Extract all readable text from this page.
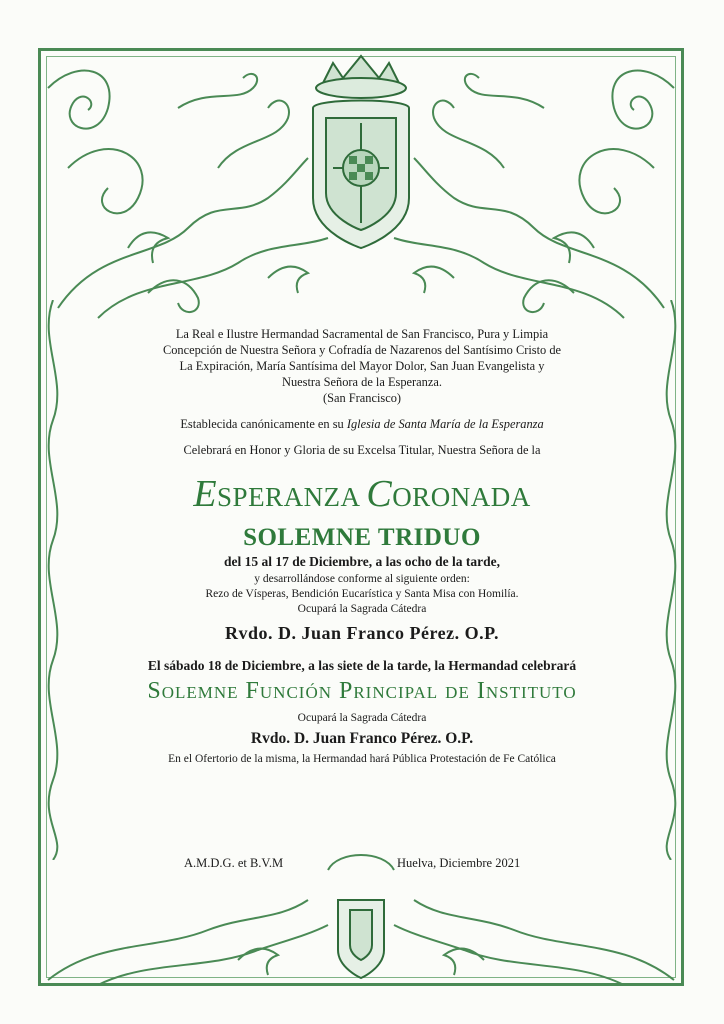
La Real e Ilustre Hermandad Sacramental de San Francisco, Pura y Limpia

Concepción de Nuestra Señora y Cofradía de Nazarenos del Santísimo Cristo de

La Expiración, María Santísima del Mayor Dolor, San Juan Evangelista y

Nuestra Señora de la Esperanza.

(San Francisco)

Establecida canónicamente en su Iglesia de Santa María de la Esperanza

Celebrará en Honor y Gloria de su Excelsa Titular, Nuestra Señora de la

ESPERANZA CORONADA
SOLEMNE TRIDUO
del 15 al 17 de Diciembre, a las ocho de la tarde,

y desarrollándose conforme al siguiente orden:

Rezo de Vísperas, Bendición Eucarística y Santa Misa con Homilía.

Ocupará la Sagrada Cátedra

Rvdo. D. Juan Franco Pérez. O.P.
El sábado 18 de Diciembre, a las siete de la tarde, la Hermandad celebrará
Solemne Función Principal de Instituto

Ocupará la Sagrada Cátedra

Rvdo. D. Juan Franco Pérez. O.P.

En el Ofertorio de la misma, la Hermandad hará Pública Protestación de Fe Católica

A.M.D.G. et B.V.M	Huelva, Diciembre 2021
